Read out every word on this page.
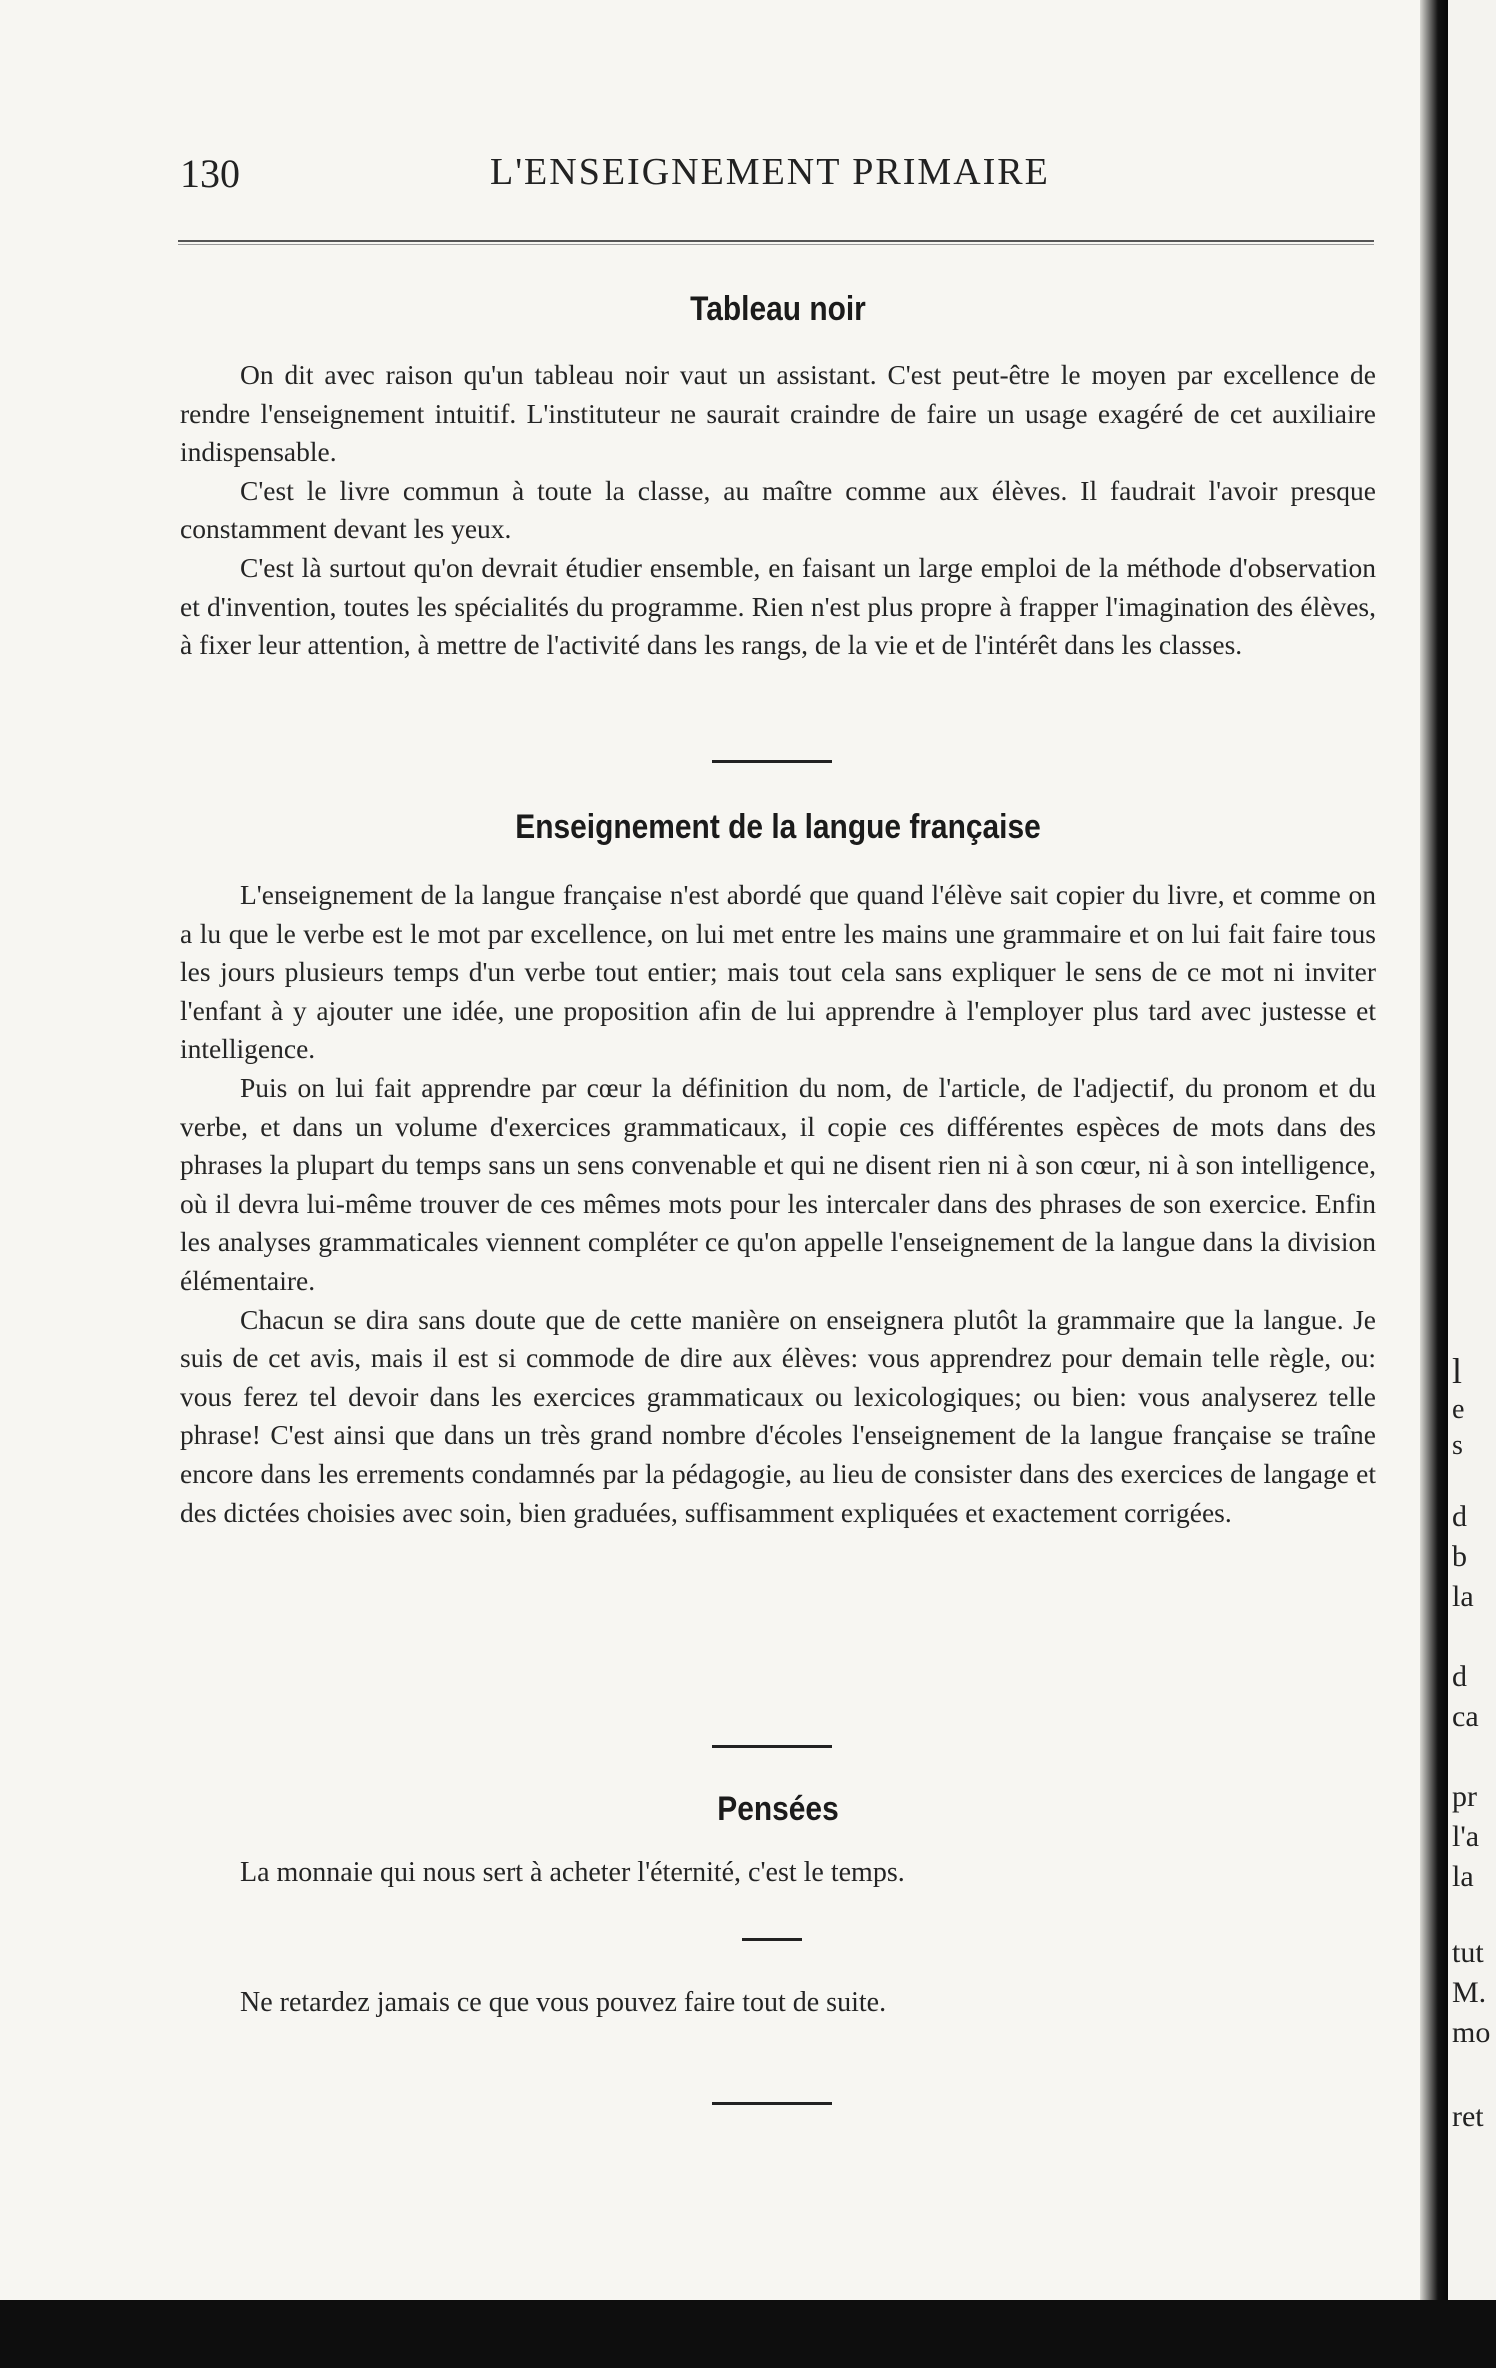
130	L'ENSEIGNEMENT PRIMAIRE
Tableau noir

On dit avec raison qu'un tableau noir vaut un assistant. C'est peut-être le moyen par excellence de rendre l'enseignement intuitif. L'instituteur ne saurait craindre de faire un usage exagéré de cet auxiliaire indispensable.

C'est le livre commun à toute la classe, au maître comme aux élèves. Il faudrait l'avoir presque constamment devant les yeux.

C'est là surtout qu'on devrait étudier ensemble, en faisant un large emploi de la méthode d'observation et d'invention, toutes les spécialités du programme. Rien n'est plus propre à frapper l'imagination des élèves, à fixer leur attention, à mettre de l'activité dans les rangs, de la vie et de l'intérêt dans les classes.

Enseignement de la langue française

L'enseignement de la langue française n'est abordé que quand l'élève sait copier du livre, et comme on a lu que le verbe est le mot par excellence, on lui met entre les mains une grammaire et on lui fait faire tous les jours plusieurs temps d'un verbe tout entier; mais tout cela sans expliquer le sens de ce mot ni inviter l'enfant à y ajouter une idée, une proposition afin de lui apprendre à l'employer plus tard avec justesse et intelligence.

Puis on lui fait apprendre par cœur la définition du nom, de l'article, de l'adjectif, du pronom et du verbe, et dans un volume d'exercices grammaticaux, il copie ces différentes espèces de mots dans des phrases la plupart du temps sans un sens convenable et qui ne disent rien ni à son cœur, ni à son intelligence, où il devra lui-même trouver de ces mêmes mots pour les intercaler dans des phrases de son exercice. Enfin les analyses grammaticales viennent compléter ce qu'on appelle l'enseignement de la langue dans la division élémentaire.

Chacun se dira sans doute que de cette manière on enseignera plutôt la grammaire que la langue. Je suis de cet avis, mais il est si commode de dire aux élèves: vous apprendrez pour demain telle règle, ou: vous ferez tel devoir dans les exercices grammaticaux ou lexicologiques; ou bien: vous analyserez telle phrase! C'est ainsi que dans un très grand nombre d'écoles l'enseignement de la langue française se traîne encore dans les errements condamnés par la pédagogie, au lieu de consister dans des exercices de langage et des dictées choisies avec soin, bien graduées, suffisamment expliquées et exactement corrigées.

Pensées
La monnaie qui nous sert à acheter l'éternité, c'est le temps.
Ne retardez jamais ce que vous pouvez faire tout de suite.
l
e
s
d
b
la
d
ca
pr
l'a
la
tut
M.
mo
ret
